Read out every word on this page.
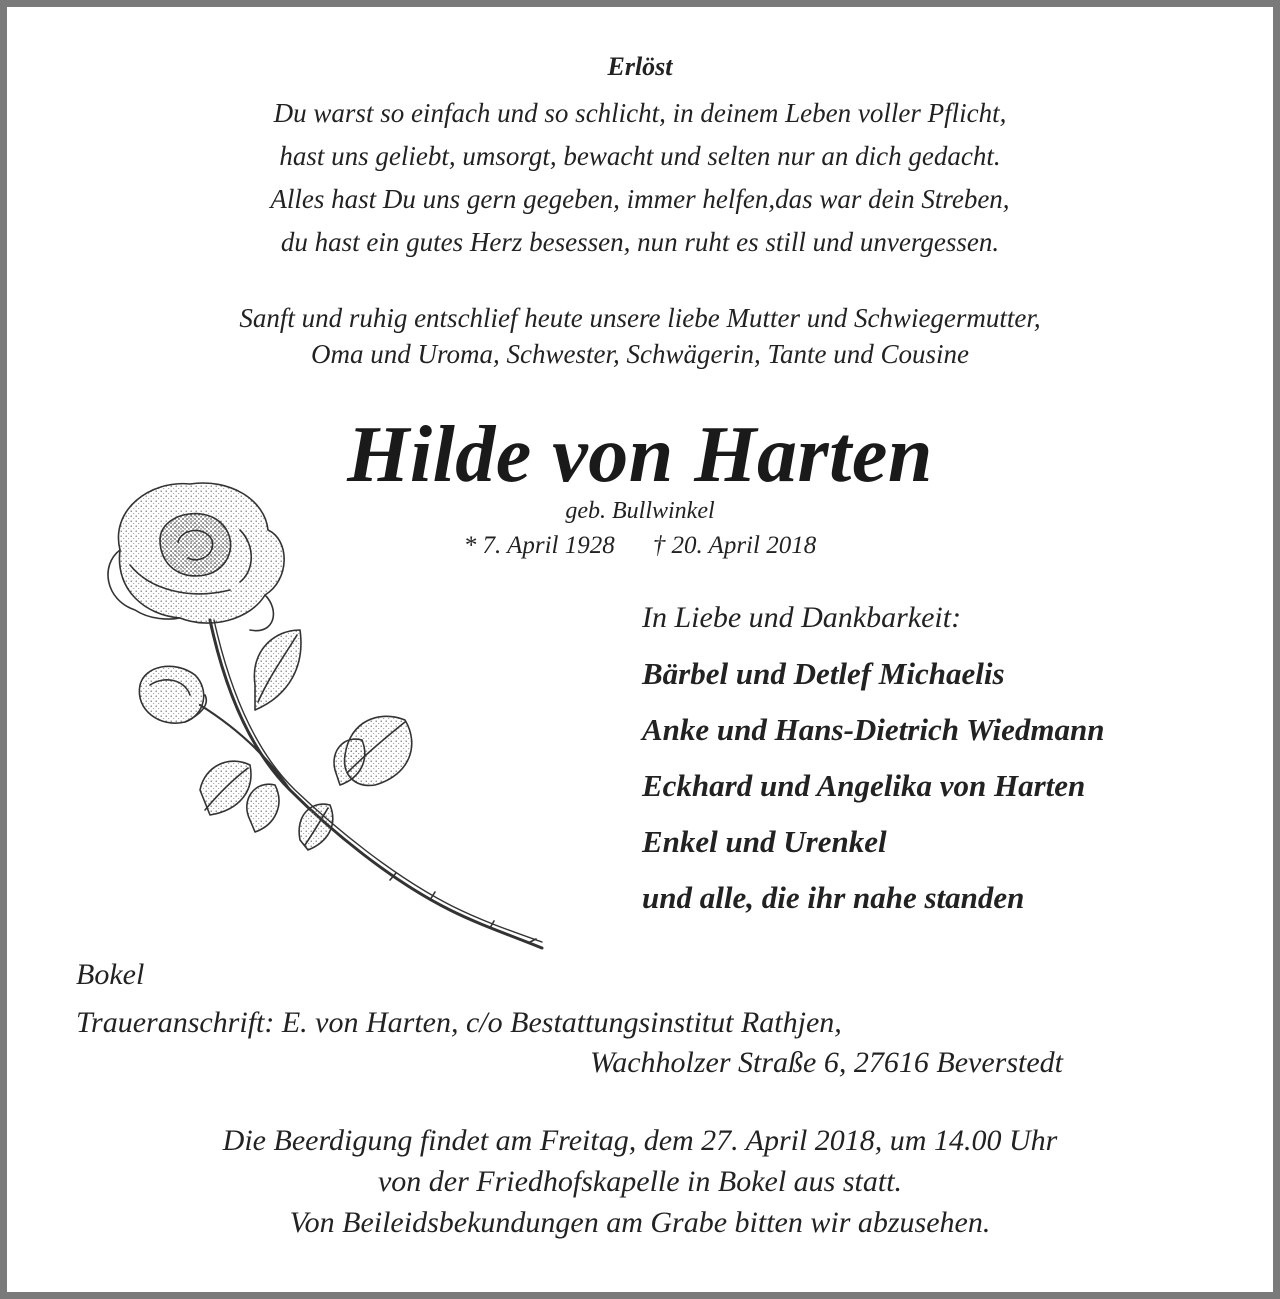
Erlöst
Du warst so einfach und so schlicht, in deinem Leben voller Pflicht,
hast uns geliebt, umsorgt, bewacht und selten nur an dich gedacht.
Alles hast Du uns gern gegeben, immer helfen,das war dein Streben,
du hast ein gutes Herz besessen, nun ruht es still und unvergessen.
Sanft und ruhig entschlief heute unsere liebe Mutter und Schwiegermutter,
Oma und Uroma, Schwester, Schwägerin, Tante und Cousine
Hilde von Harten
geb. Bullwinkel
* 7. April 1928 † 20. April 2018
In Liebe und Dankbarkeit:
Bärbel und Detlef Michaelis
Anke und Hans-Dietrich Wiedmann
Eckhard und Angelika von Harten
Enkel und Urenkel
und alle, die ihr nahe standen
Bokel
Traueranschrift: E. von Harten, c/o Bestattungsinstitut Rathjen,
Wachholzer Straße 6, 27616 Beverstedt
Die Beerdigung findet am Freitag, dem 27. April 2018, um 14.00 Uhr
von der Friedhofskapelle in Bokel aus statt.
Von Beileidsbekundungen am Grabe bitten wir abzusehen.
